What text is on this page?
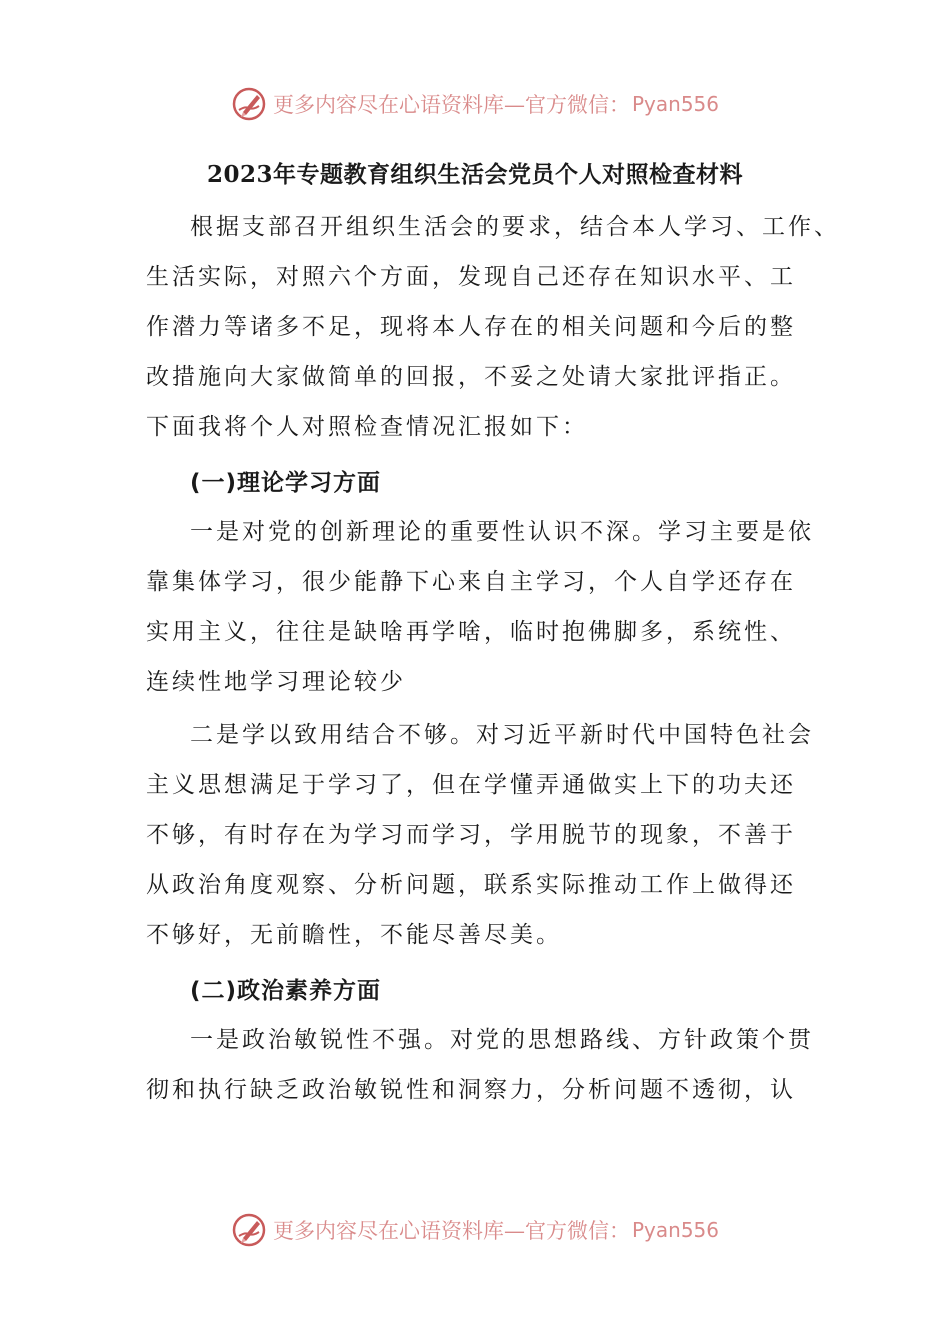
更多内容尽在心语资料库—官方微信： Pyan556
2023年专题教育组织生活会党员个人对照检查材料

根据支部召开组织生活会的要求，结合本人学习、工作、

生活实际，对照六个方面，发现自己还存在知识水平、工

作潜力等诸多不足，现将本人存在的相关问题和今后的整

改措施向大家做简单的回报，不妥之处请大家批评指正。

下面我将个人对照检查情况汇报如下：

(一)理论学习方面

一是对党的创新理论的重要性认识不深。学习主要是依

靠集体学习，很少能静下心来自主学习，个人自学还存在

实用主义，往往是缺啥再学啥，临时抱佛脚多，系统性、

连续性地学习理论较少

二是学以致用结合不够。对习近平新时代中国特色社会

主义思想满足于学习了，但在学懂弄通做实上下的功夫还

不够，有时存在为学习而学习，学用脱节的现象，不善于

从政治角度观察、分析问题，联系实际推动工作上做得还

不够好，无前瞻性，不能尽善尽美。

(二)政治素养方面

一是政治敏锐性不强。对党的思想路线、方针政策个贯

彻和执行缺乏政治敏锐性和洞察力，分析问题不透彻，认

更多内容尽在心语资料库—官方微信： Pyan556
